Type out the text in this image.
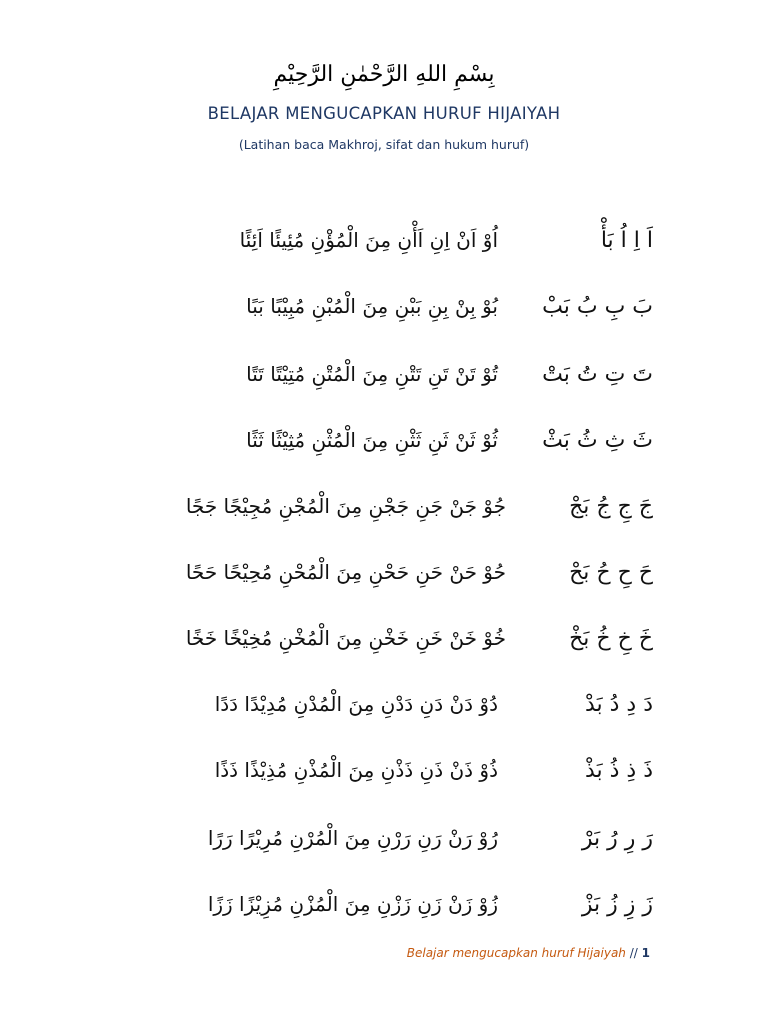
بِسْمِ اللهِ الرَّحْمٰنِ الرَّحِيْمِ
BELAJAR MENGUCAPKAN HURUF HIJAIYAH
(Latihan baca Makhroj, sifat dan hukum huruf)
اَ اِ اُ بَأْ
اُوْ اَنْ اِنِ اَأْنِ مِنَ الْمُؤْنِ مُئِيئًا اَئِئًا
بَ بِ بُ بَبْ
بُوْ بِنْ بِنِ بَبْنِ مِنَ الْمُبْنِ مُبِيْبًا بَبًا
تَ تِ تُ بَتْ
تُوْ تَنْ تَنِ تَتْنِ مِنَ الْمُتْنِ مُتِيْتًا تَتًا
ثَ ثِ ثُ بَثْ
ثُوْ ثَنْ ثَنِ ثَثْنِ مِنَ الْمُثْنِ مُثِيْثًا ثَثًا
جَ جِ جُ بَجْ
جُوْ جَنْ جَنِ جَجْنِ مِنَ الْمُجْنِ مُجِيْجًا جَجًا
حَ حِ حُ بَحْ
حُوْ حَنْ حَنِ حَحْنِ مِنَ الْمُحْنِ مُحِيْحًا حَحًا
خَ خِ خُ بَخْ
خُوْ خَنْ خَنِ خَخْنِ مِنَ الْمُخْنِ مُخِيْخًا خَخًا
دَ دِ دُ بَدْ
دُوْ دَنْ دَنِ دَدْنِ مِنَ الْمُدْنِ مُدِيْدًا دَدًا
ذَ ذِ ذُ بَذْ
ذُوْ ذَنْ ذَنِ ذَذْنِ مِنَ الْمُذْنِ مُذِيْذًا ذَذًا
رَ رِ رُ بَرْ
رُوْ رَنْ رَنِ رَرْنِ مِنَ الْمُرْنِ مُرِيْرًا رَرًا
زَ زِ زُ بَزْ
زُوْ زَنْ زَنِ زَزْنِ مِنَ الْمُزْنِ مُزِيْزًا زَزًا
Belajar mengucapkan huruf Hijaiyah // 1
